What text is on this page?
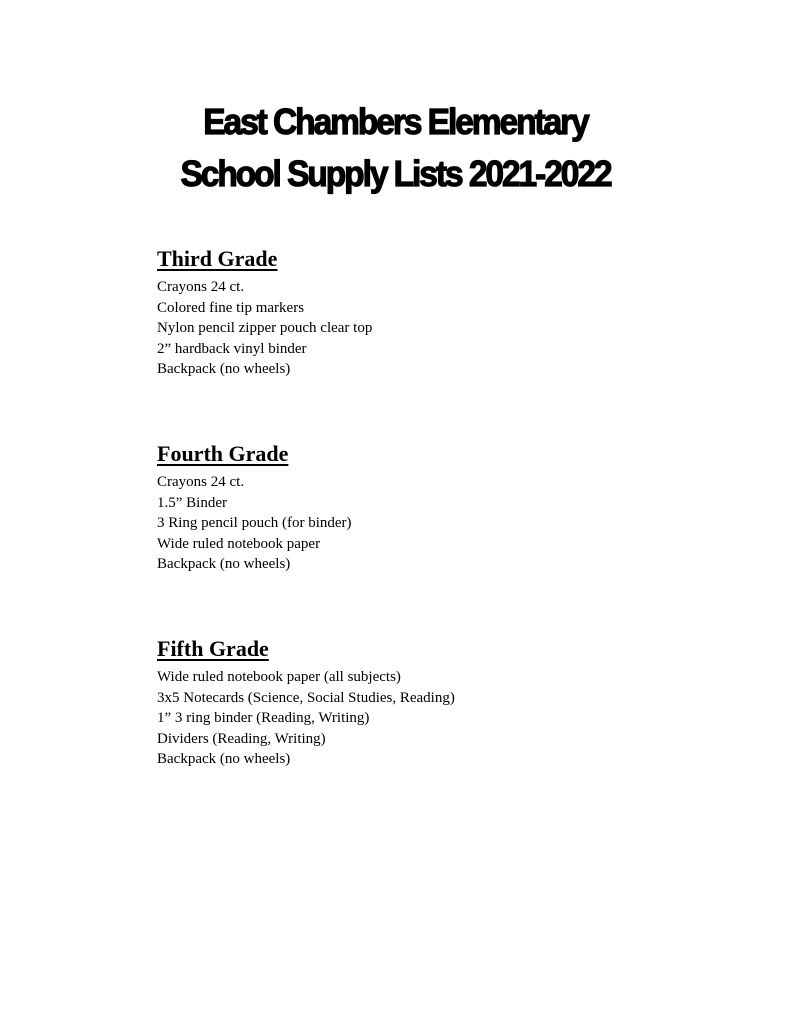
East Chambers Elementary
School Supply Lists 2021-2022
Third Grade
Crayons 24 ct.
Colored fine tip markers
Nylon pencil zipper pouch clear top
2” hardback vinyl binder
Backpack (no wheels)
Fourth Grade
Crayons 24 ct.
1.5” Binder
3 Ring pencil pouch (for binder)
Wide ruled notebook paper
Backpack (no wheels)
Fifth Grade
Wide ruled notebook paper (all subjects)
3x5 Notecards (Science, Social Studies, Reading)
1” 3 ring binder (Reading, Writing)
Dividers (Reading, Writing)
Backpack (no wheels)
